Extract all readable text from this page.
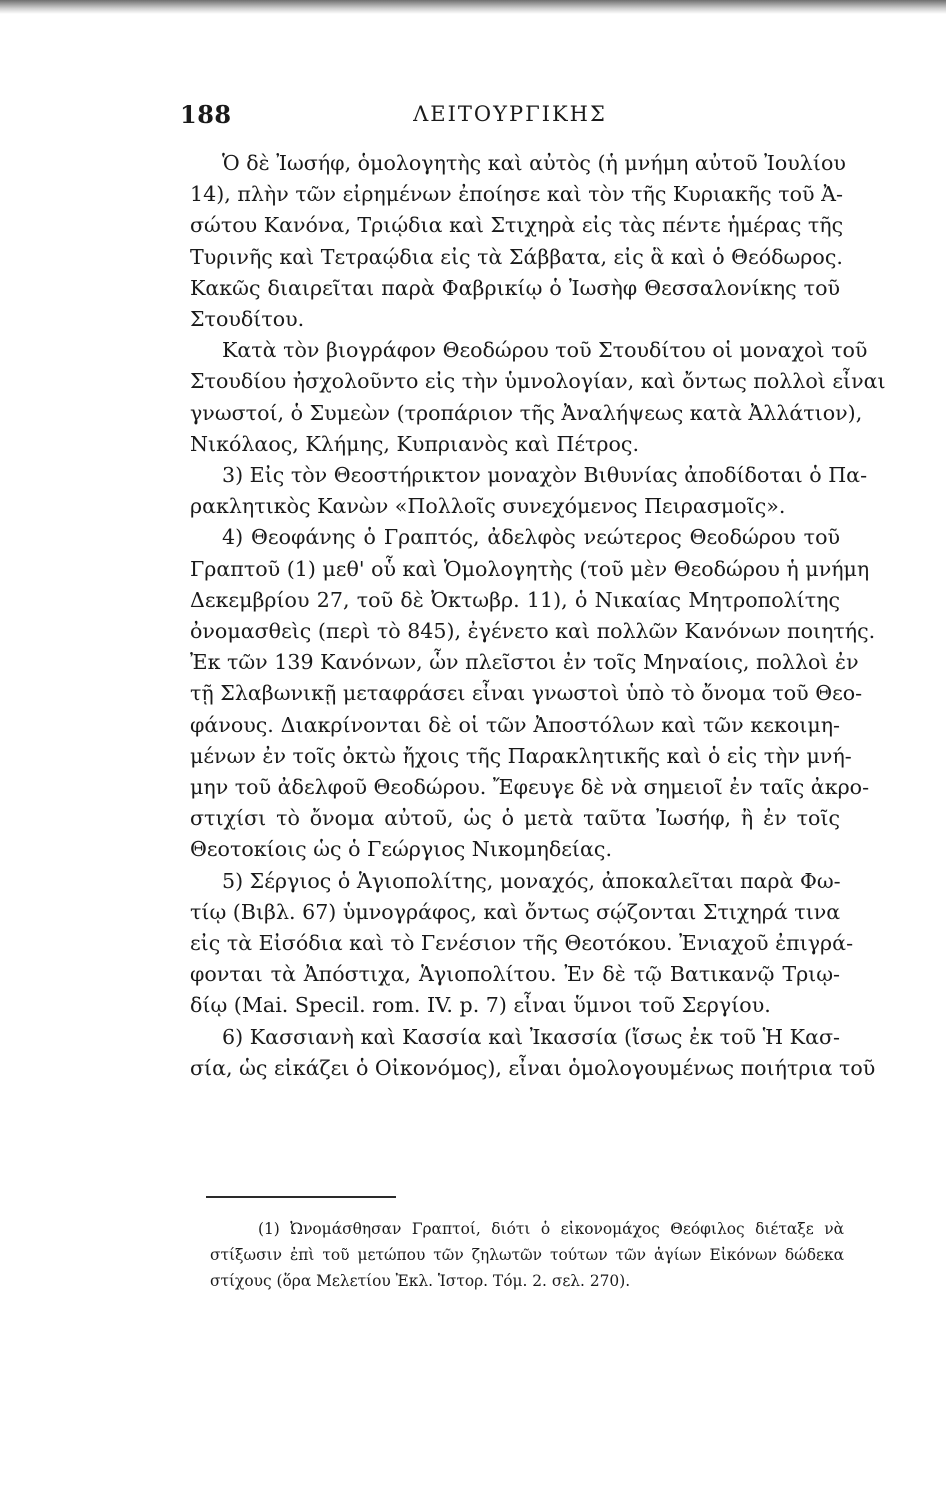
188	ΛΕΙΤΟΥΡΓΙΚΗΣ

Ὁ δὲ Ἰωσήφ, ὁμολογητὴς καὶ αὐτὸς (ἡ μνήμη αὐτοῦ Ἰουλίου
14), πλὴν τῶν εἰρημένων ἐποίησε καὶ τὸν τῆς Κυριακῆς τοῦ Ἀ-
σώτου Κανόνα, Τριῴδια καὶ Στιχηρὰ εἰς τὰς πέντε ἡμέρας τῆς
Τυρινῆς καὶ Τετραῴδια εἰς τὰ Σάββατα, εἰς ἃ καὶ ὁ Θεόδωρος.
Κακῶς διαιρεῖται παρὰ Φαβρικίῳ ὁ Ἰωσὴφ Θεσσαλονίκης τοῦ
Στουδίτου.

Κατὰ τὸν βιογράφον Θεοδώρου τοῦ Στουδίτου οἱ μοναχοὶ τοῦ
Στουδίου ἠσχολοῦντο εἰς τὴν ὑμνολογίαν, καὶ ὄντως πολλοὶ εἶναι
γνωστοί, ὁ Συμεὼν (τροπάριον τῆς Ἀναλήψεως κατὰ Ἀλλάτιον),
Νικόλαος, Κλήμης, Κυπριανὸς καὶ Πέτρος.

3) Εἰς τὸν Θεοστήρικτον μοναχὸν Βιθυνίας ἀποδίδοται ὁ Πα-
ρακλητικὸς Κανὼν «Πολλοῖς συνεχόμενος Πειρασμοῖς».

4) Θεοφάνης ὁ Γραπτός, ἀδελφὸς νεώτερος Θεοδώρου τοῦ
Γραπτοῦ (1) μεθ' οὗ καὶ Ὁμολογητὴς (τοῦ μὲν Θεοδώρου ἡ μνήμη
Δεκεμβρίου 27, τοῦ δὲ Ὀκτωβρ. 11), ὁ Νικαίας Μητροπολίτης
ὀνομασθεὶς (περὶ τὸ 845), ἐγένετο καὶ πολλῶν Κανόνων ποιητής.
Ἐκ τῶν 139 Κανόνων, ὧν πλεῖστοι ἐν τοῖς Μηναίοις, πολλοὶ ἐν
τῇ Σλαβωνικῇ μεταφράσει εἶναι γνωστοὶ ὑπὸ τὸ ὄνομα τοῦ Θεο-
φάνους. Διακρίνονται δὲ οἱ τῶν Ἀποστόλων καὶ τῶν κεκοιμη-
μένων ἐν τοῖς ὀκτὼ ἤχοις τῆς Παρακλητικῆς καὶ ὁ εἰς τὴν μνή-
μην τοῦ ἀδελφοῦ Θεοδώρου. Ἔφευγε δὲ νὰ σημειοῖ ἐν ταῖς ἀκρο-
στιχίσι τὸ ὄνομα αὐτοῦ, ὡς ὁ μετὰ ταῦτα Ἰωσήφ, ἢ ἐν τοῖς
Θεοτοκίοις ὡς ὁ Γεώργιος Νικομηδείας.

5) Σέργιος ὁ Ἁγιοπολίτης, μοναχός, ἀποκαλεῖται παρὰ Φω-
τίῳ (Βιβλ. 67) ὑμνογράφος, καὶ ὄντως σῴζονται Στιχηρά τινα
εἰς τὰ Εἰσόδια καὶ τὸ Γενέσιον τῆς Θεοτόκου. Ἐνιαχοῦ ἐπιγρά-
φονται τὰ Ἀπόστιχα, Ἁγιοπολίτου. Ἐν δὲ τῷ Βατικανῷ Τριῳ-
δίῳ (Mai. Specil. rom. IV. p. 7) εἶναι ὕμνοι τοῦ Σεργίου.

6) Κασσιανὴ καὶ Κασσία καὶ Ἰκασσία (ἴσως ἐκ τοῦ Ἡ Κασ-
σία, ὡς εἰκάζει ὁ Οἰκονόμος), εἶναι ὁμολογουμένως ποιήτρια τοῦ

(1) Ὠνομάσθησαν Γραπτοί, διότι ὁ εἰκονομάχος Θεόφιλος διέταξε νὰ
στίξωσιν ἐπὶ τοῦ μετώπου τῶν ζηλωτῶν τούτων τῶν ἁγίων Εἰκόνων δώδεκα
στίχους (ὅρα Μελετίου Ἐκλ. Ἱστορ. Τόμ. 2. σελ. 270).
